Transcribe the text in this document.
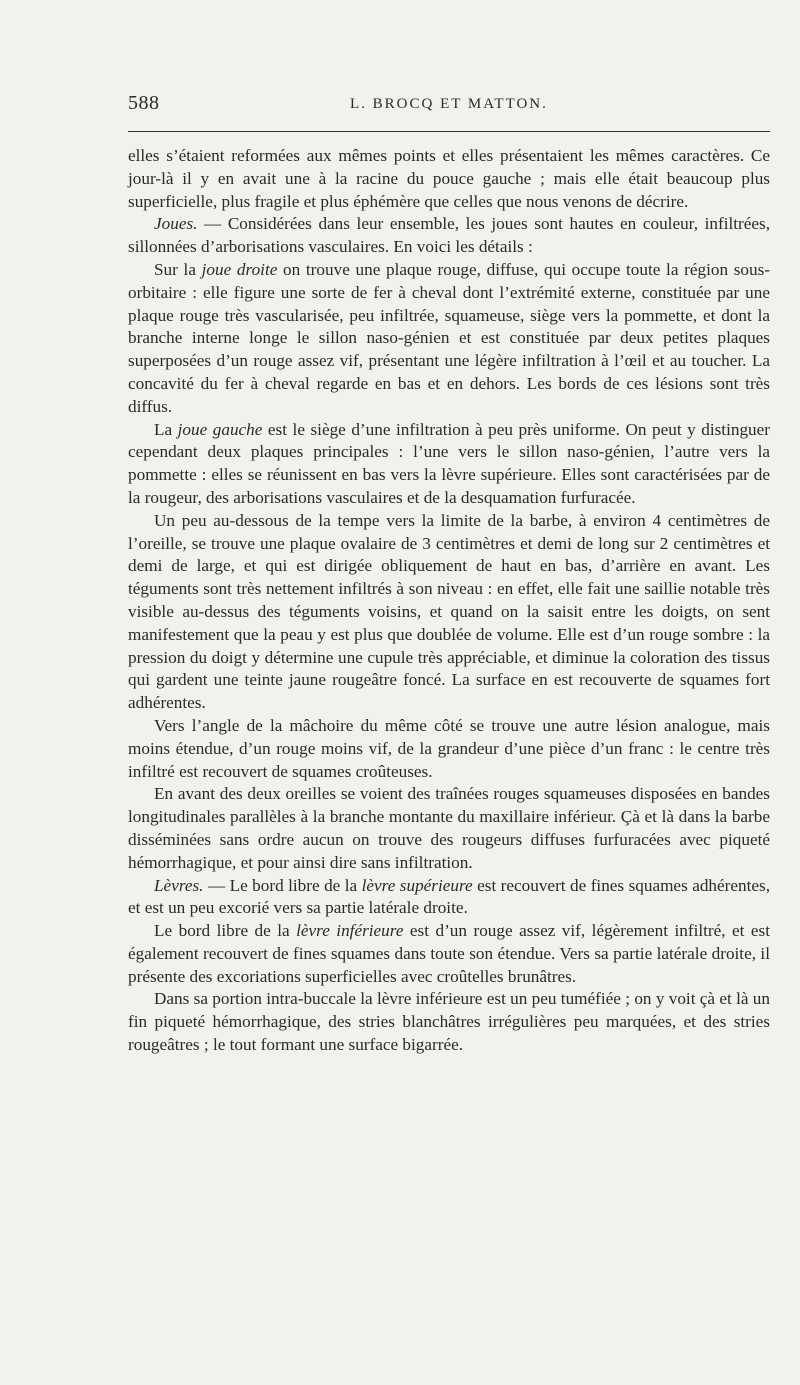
588	L. BROCQ ET MATTON.

elles s’étaient reformées aux mêmes points et elles présentaient les mêmes caractères. Ce jour-là il y en avait une à la racine du pouce gauche ; mais elle était beaucoup plus superficielle, plus fragile et plus éphémère que celles que nous venons de décrire.

Joues. — Considérées dans leur ensemble, les joues sont hautes en couleur, infiltrées, sillonnées d’arborisations vasculaires. En voici les détails :

Sur la joue droite on trouve une plaque rouge, diffuse, qui occupe toute la région sous-orbitaire : elle figure une sorte de fer à cheval dont l’extrémité externe, constituée par une plaque rouge très vascularisée, peu infiltrée, squameuse, siège vers la pommette, et dont la branche interne longe le sillon naso-génien et est constituée par deux petites plaques superposées d’un rouge assez vif, présentant une légère infiltration à l’œil et au toucher. La concavité du fer à cheval regarde en bas et en dehors. Les bords de ces lésions sont très diffus.

La joue gauche est le siège d’une infiltration à peu près uniforme. On peut y distinguer cependant deux plaques principales : l’une vers le sillon naso-génien, l’autre vers la pommette : elles se réunissent en bas vers la lèvre supérieure. Elles sont caractérisées par de la rougeur, des arborisations vasculaires et de la desquamation furfuracée.

Un peu au-dessous de la tempe vers la limite de la barbe, à environ 4 centimètres de l’oreille, se trouve une plaque ovalaire de 3 centimètres et demi de long sur 2 centimètres et demi de large, et qui est dirigée obliquement de haut en bas, d’arrière en avant. Les téguments sont très nettement infiltrés à son niveau : en effet, elle fait une saillie notable très visible au-dessus des téguments voisins, et quand on la saisit entre les doigts, on sent manifestement que la peau y est plus que doublée de volume. Elle est d’un rouge sombre : la pression du doigt y détermine une cupule très appréciable, et diminue la coloration des tissus qui gardent une teinte jaune rougeâtre foncé. La surface en est recouverte de squames fort adhérentes.

Vers l’angle de la mâchoire du même côté se trouve une autre lésion analogue, mais moins étendue, d’un rouge moins vif, de la grandeur d’une pièce d’un franc : le centre très infiltré est recouvert de squames croûteuses.

En avant des deux oreilles se voient des traînées rouges squameuses disposées en bandes longitudinales parallèles à la branche montante du maxillaire inférieur. Çà et là dans la barbe disséminées sans ordre aucun on trouve des rougeurs diffuses furfuracées avec piqueté hémorrhagique, et pour ainsi dire sans infiltration.

Lèvres. — Le bord libre de la lèvre supérieure est recouvert de fines squames adhérentes, et est un peu excorié vers sa partie latérale droite.

Le bord libre de la lèvre inférieure est d’un rouge assez vif, légèrement infiltré, et est également recouvert de fines squames dans toute son étendue. Vers sa partie latérale droite, il présente des excoriations superficielles avec croûtelles brunâtres.

Dans sa portion intra-buccale la lèvre inférieure est un peu tuméfiée ; on y voit çà et là un fin piqueté hémorrhagique, des stries blanchâtres irrégulières peu marquées, et des stries rougeâtres ; le tout formant une surface bigarrée.
